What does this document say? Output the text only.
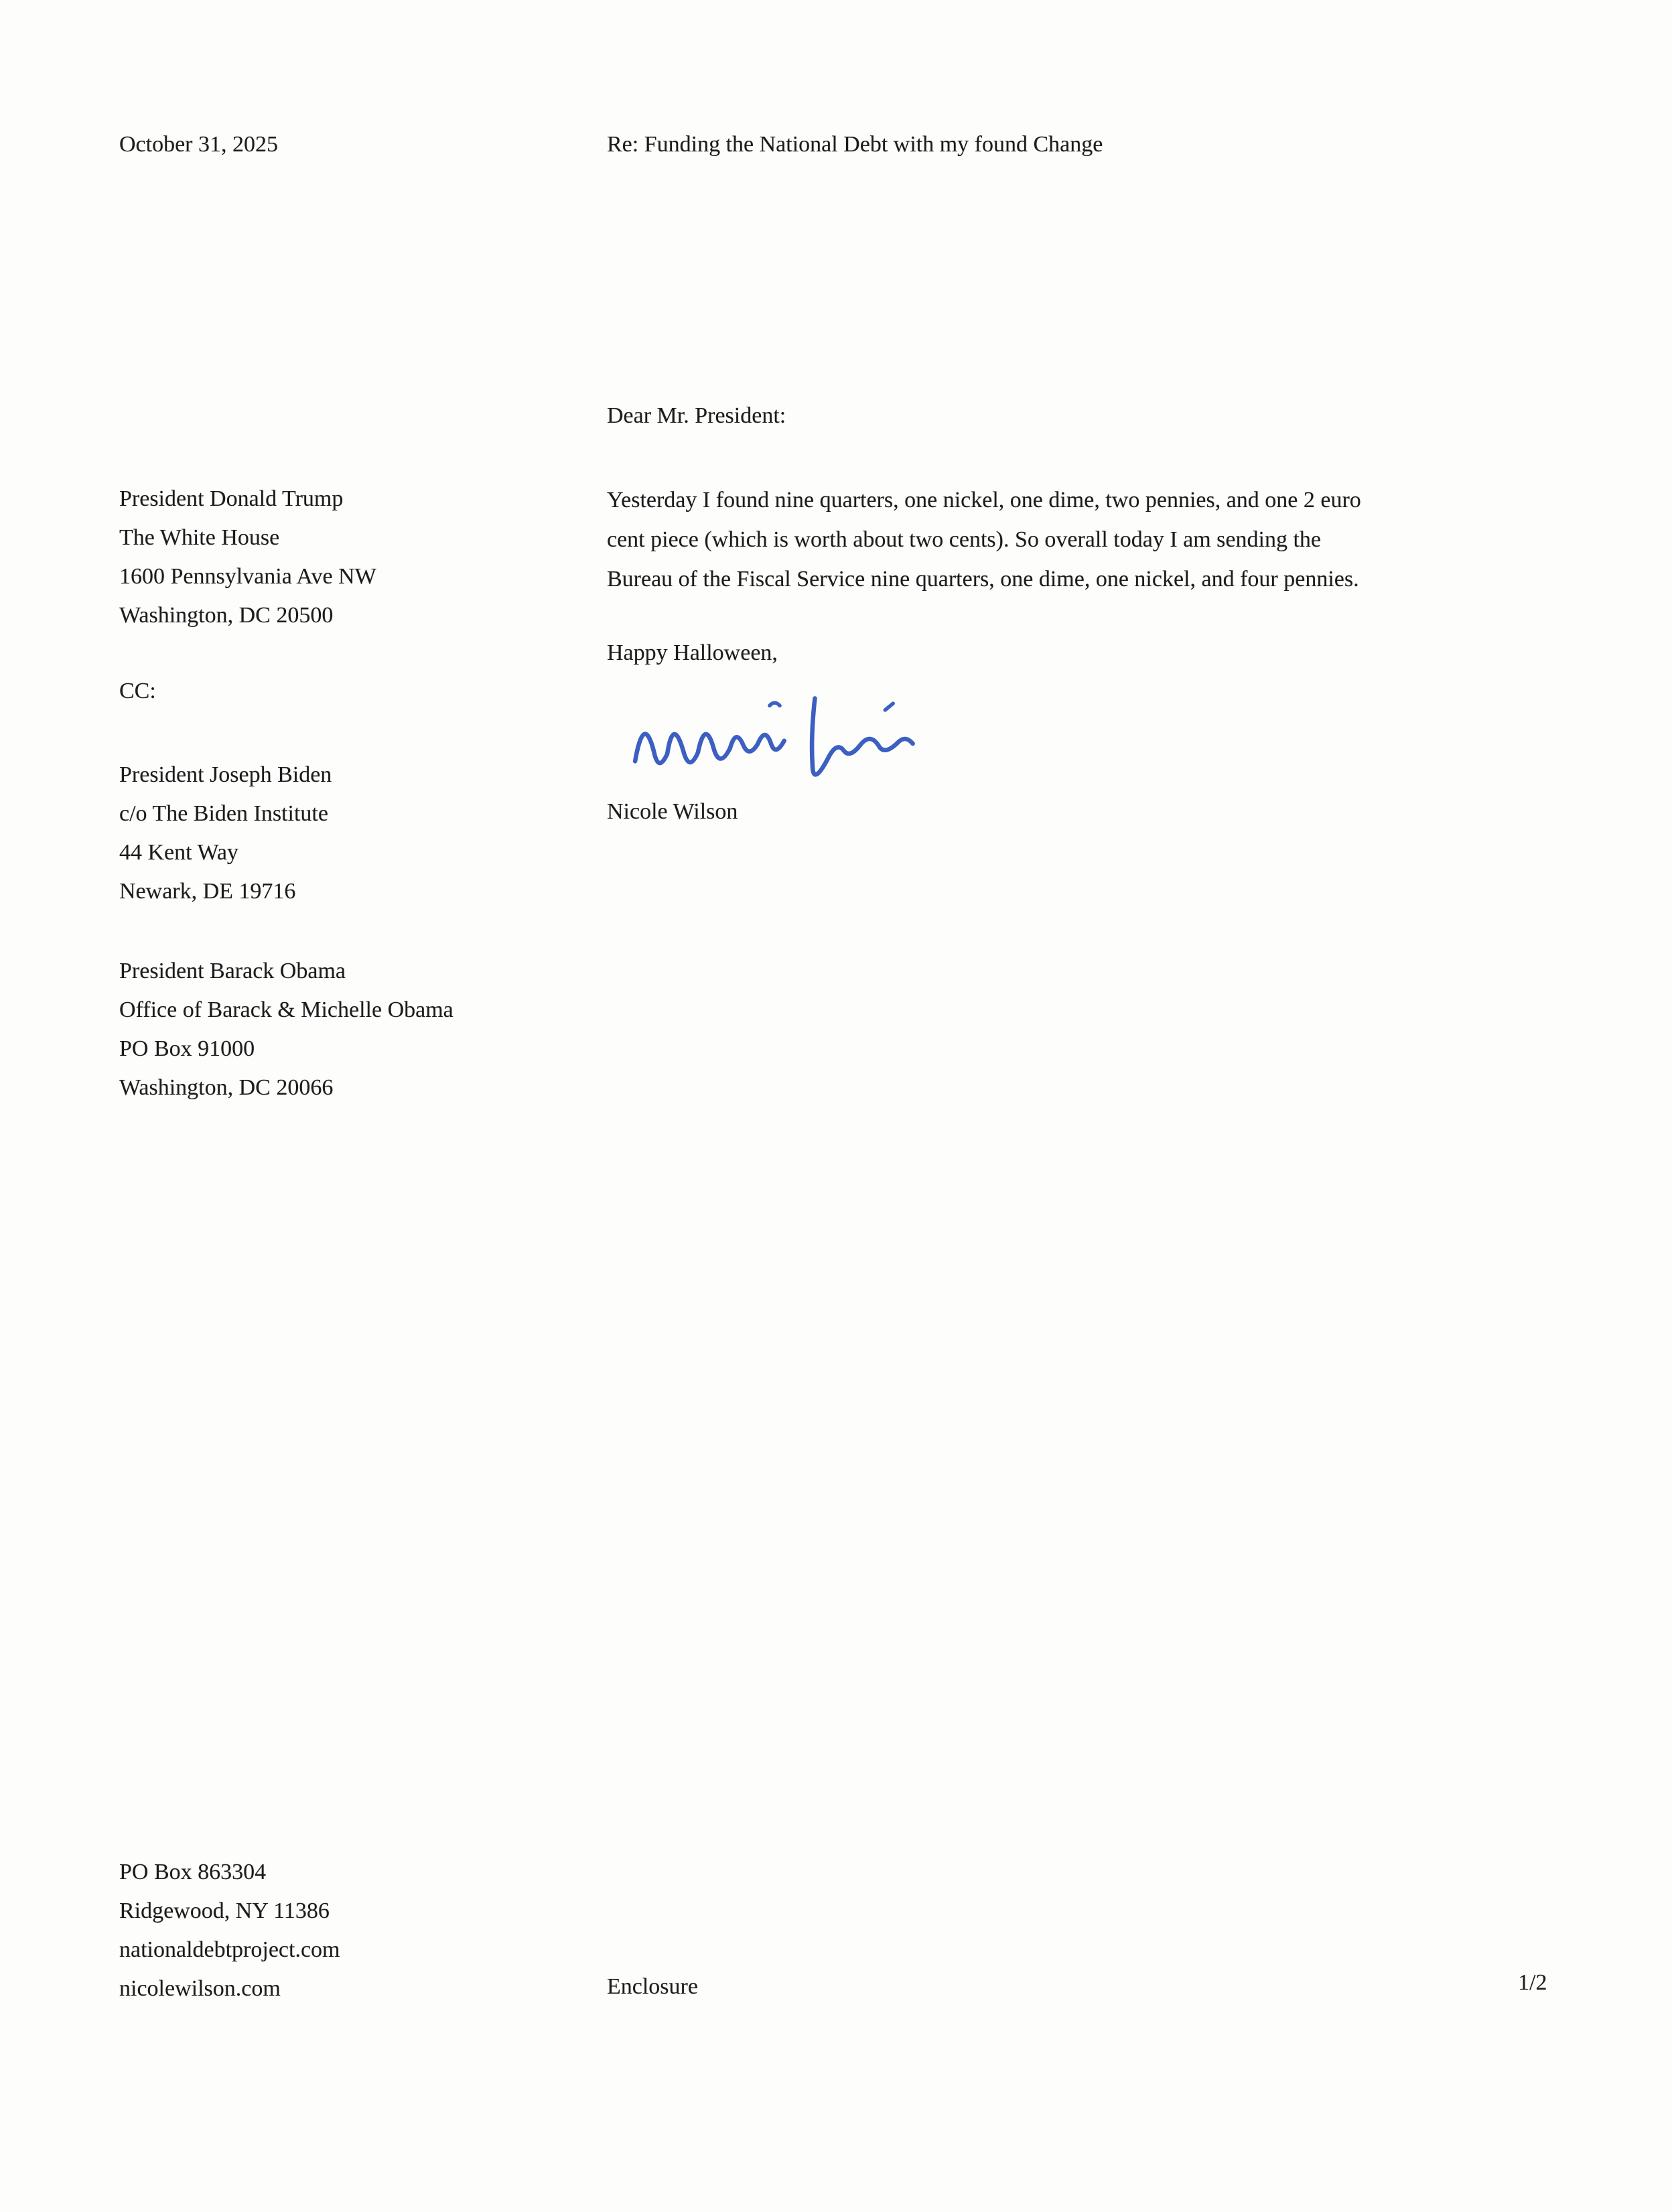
October 31, 2025	Re: Funding the National Debt with my found Change
President Donald Trump
The White House
1600 Pennsylvania Ave NW
Washington, DC 20500
CC:
President Joseph Biden
c/o The Biden Institute
44 Kent Way
Newark, DE 19716
President Barack Obama
Office of Barack & Michelle Obama
PO Box 91000
Washington, DC 20066
Dear Mr. President:
Yesterday I found nine quarters, one nickel, one dime, two pennies, and one 2 euro
cent piece (which is worth about two cents). So overall today I am sending the
Bureau of the Fiscal Service nine quarters, one dime, one nickel, and four pennies.
Happy Halloween,
Nicole Wilson
PO Box 863304
Ridgewood, NY 11386
nationaldebtproject.com
nicolewilson.com	Enclosure	1/2
